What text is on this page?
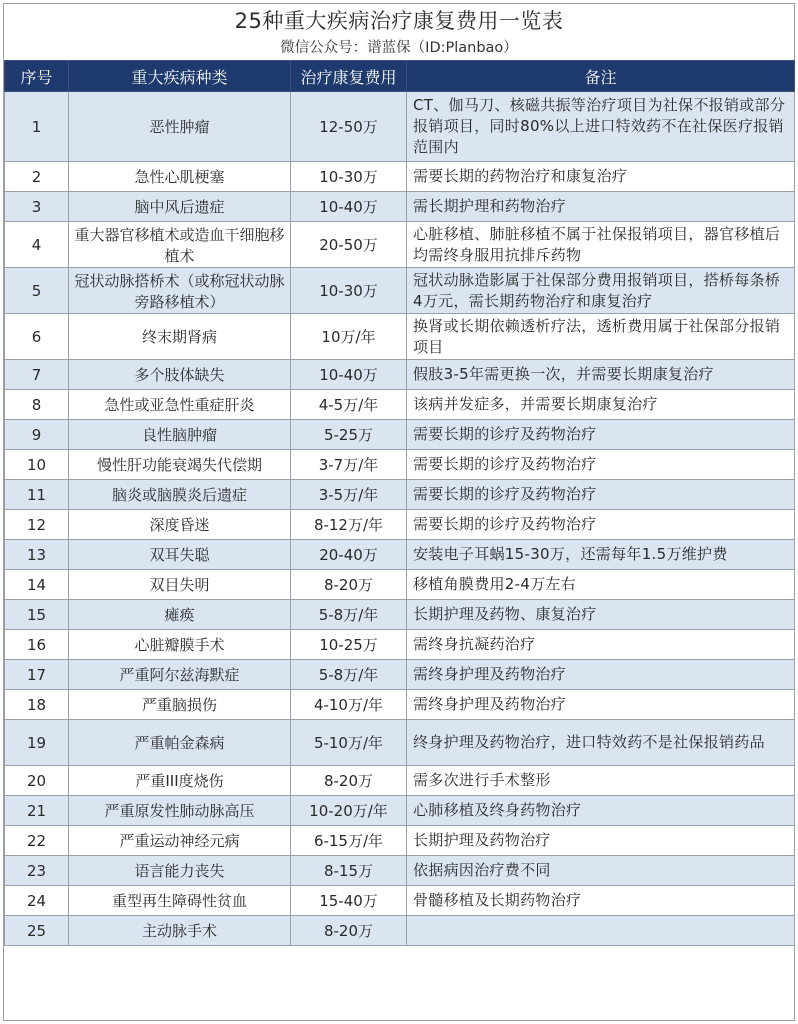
25种重大疾病治疗康复费用一览表
微信公众号：谱蓝保（ID:Planbao）
序号	重大疾病种类	治疗康复费用	备注
1	恶性肿瘤	12-50万	CT、伽马刀、核磁共振等治疗项目为社保不报销或部分报销项目，同时80%以上进口特效药不在社保医疗报销范围内
2	急性心肌梗塞	10-30万	需要长期的药物治疗和康复治疗
3	脑中风后遗症	10-40万	需长期护理和药物治疗
4	重大器官移植术或造血干细胞移植术	20-50万	心脏移植、肺脏移植不属于社保报销项目，器官移植后均需终身服用抗排斥药物
5	冠状动脉搭桥术（或称冠状动脉旁路移植术）	10-30万	冠状动脉造影属于社保部分费用报销项目，搭桥每条桥4万元，需长期药物治疗和康复治疗
6	终末期肾病	10万/年	换肾或长期依赖透析疗法，透析费用属于社保部分报销项目
7	多个肢体缺失	10-40万	假肢3-5年需更换一次，并需要长期康复治疗
8	急性或亚急性重症肝炎	4-5万/年	该病并发症多，并需要长期康复治疗
9	良性脑肿瘤	5-25万	需要长期的诊疗及药物治疗
10	慢性肝功能衰竭失代偿期	3-7万/年	需要长期的诊疗及药物治疗
11	脑炎或脑膜炎后遗症	3-5万/年	需要长期的诊疗及药物治疗
12	深度昏迷	8-12万/年	需要长期的诊疗及药物治疗
13	双耳失聪	20-40万	安装电子耳蜗15-30万，还需每年1.5万维护费
14	双目失明	8-20万	移植角膜费用2-4万左右
15	瘫痪	5-8万/年	长期护理及药物、康复治疗
16	心脏瓣膜手术	10-25万	需终身抗凝药治疗
17	严重阿尔兹海默症	5-8万/年	需终身护理及药物治疗
18	严重脑损伤	4-10万/年	需终身护理及药物治疗
19	严重帕金森病	5-10万/年	终身护理及药物治疗，进口特效药不是社保报销药品
20	严重III度烧伤	8-20万	需多次进行手术整形
21	严重原发性肺动脉高压	10-20万/年	心肺移植及终身药物治疗
22	严重运动神经元病	6-15万/年	长期护理及药物治疗
23	语言能力丧失	8-15万	依据病因治疗费不同
24	重型再生障碍性贫血	15-40万	骨髓移植及长期药物治疗
25	主动脉手术	8-20万	
